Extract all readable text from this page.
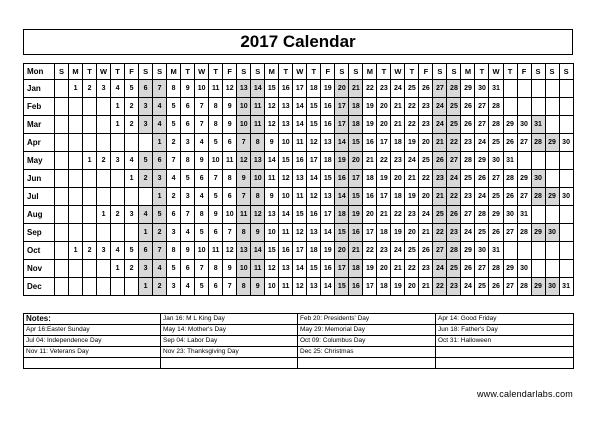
2017 Calendar
Mon	S	M	T	W	T	F	S	S	M	T	W	T	F	S	S	M	T	W	T	F	S	S	M	T	W	T	F	S	S	M	T	W	T	F	S	S	S
Jan		1	2	3	4	5	6	7	8	9	10	11	12	13	14	15	16	17	18	19	20	21	22	23	24	25	26	27	28	29	30	31					
Feb					1	2	3	4	5	6	7	8	9	10	11	12	13	14	15	16	17	18	19	20	21	22	23	24	25	26	27	28					
Mar					1	2	3	4	5	6	7	8	9	10	11	12	13	14	15	16	17	18	19	20	21	22	23	24	25	26	27	28	29	30	31		
Apr								1	2	3	4	5	6	7	8	9	10	11	12	13	14	15	16	17	18	19	20	21	22	23	24	25	26	27	28	29	30
May			1	2	3	4	5	6	7	8	9	10	11	12	13	14	15	16	17	18	19	20	21	22	23	24	25	26	27	28	29	30	31				
Jun						1	2	3	4	5	6	7	8	9	10	11	12	13	14	15	16	17	18	19	20	21	22	23	24	25	26	27	28	29	30		
Jul								1	2	3	4	5	6	7	8	9	10	11	12	13	14	15	16	17	18	19	20	21	22	23	24	25	26	27	28	29	30
Aug				1	2	3	4	5	6	7	8	9	10	11	12	13	14	15	16	17	18	19	20	21	22	23	24	25	26	27	28	29	30	31			
Sep							1	2	3	4	5	6	7	8	9	10	11	12	13	14	15	16	17	18	19	20	21	22	23	24	25	26	27	28	29	30	
Oct		1	2	3	4	5	6	7	8	9	10	11	12	13	14	15	16	17	18	19	20	21	22	23	24	25	26	27	28	29	30	31					
Nov					1	2	3	4	5	6	7	8	9	10	11	12	13	14	15	16	17	18	19	20	21	22	23	24	25	26	27	28	29	30			
Dec							1	2	3	4	5	6	7	8	9	10	11	12	13	14	15	16	17	18	19	20	21	22	23	24	25	26	27	28	29	30	31
Notes:	Jan 16: M L King Day	Feb 20: Presidents' Day	Apr 14: Good Friday
Apr 16:Easter Sunday	May 14: Mother's Day	May 29: Memorial Day	Jun 18: Father's Day
Jul 04: Independence Day	Sep 04: Labor Day	Oct 09: Columbus Day	Oct 31: Halloween
Nov 11: Veterans Day	Nov 23: Thanksgiving Day	Dec 25: Christmas	

www.calendarlabs.com
